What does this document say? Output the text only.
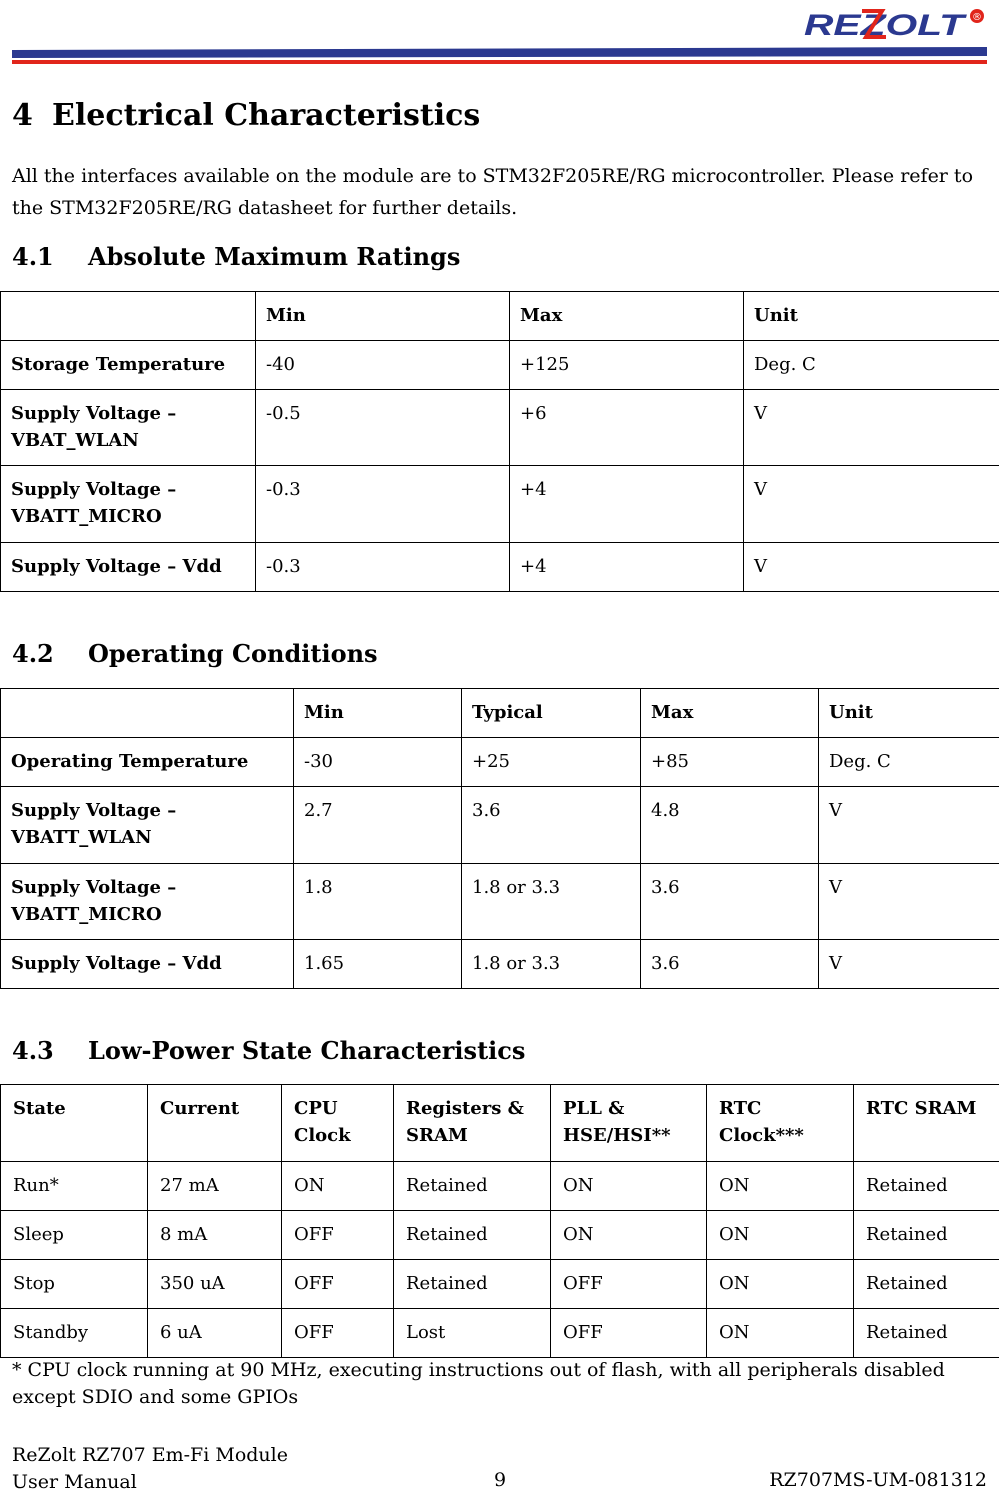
REZOLT ®
4 Electrical Characteristics

All the interfaces available on the module are to STM32F205RE/RG microcontroller. Please refer to the STM32F205RE/RG datasheet for further details.

4.1 Absolute Maximum Ratings
	Min	Max	Unit
Storage Temperature	-40	+125	Deg. C
Supply Voltage – VBAT_WLAN	-0.5	+6	V
Supply Voltage – VBATT_MICRO	-0.3	+4	V
Supply Voltage – Vdd	-0.3	+4	V
4.2 Operating Conditions
	Min	Typical	Max	Unit
Operating Temperature	-30	+25	+85	Deg. C
Supply Voltage – VBATT_WLAN	2.7	3.6	4.8	V
Supply Voltage – VBATT_MICRO	1.8	1.8 or 3.3	3.6	V
Supply Voltage – Vdd	1.65	1.8 or 3.3	3.6	V
4.3 Low-Power State Characteristics
State	Current	CPU Clock	Registers & SRAM	PLL & HSE/HSI**	RTC Clock***	RTC SRAM
Run*	27 mA	ON	Retained	ON	ON	Retained
Sleep	8 mA	OFF	Retained	ON	ON	Retained
Stop	350 uA	OFF	Retained	OFF	ON	Retained
Standby	6 uA	OFF	Lost	OFF	ON	Retained

* CPU clock running at 90 MHz, executing instructions out of flash, with all peripherals disabled except SDIO and some GPIOs

ReZolt RZ707 Em-Fi Module
User Manual	9	RZ707MS-UM-081312
